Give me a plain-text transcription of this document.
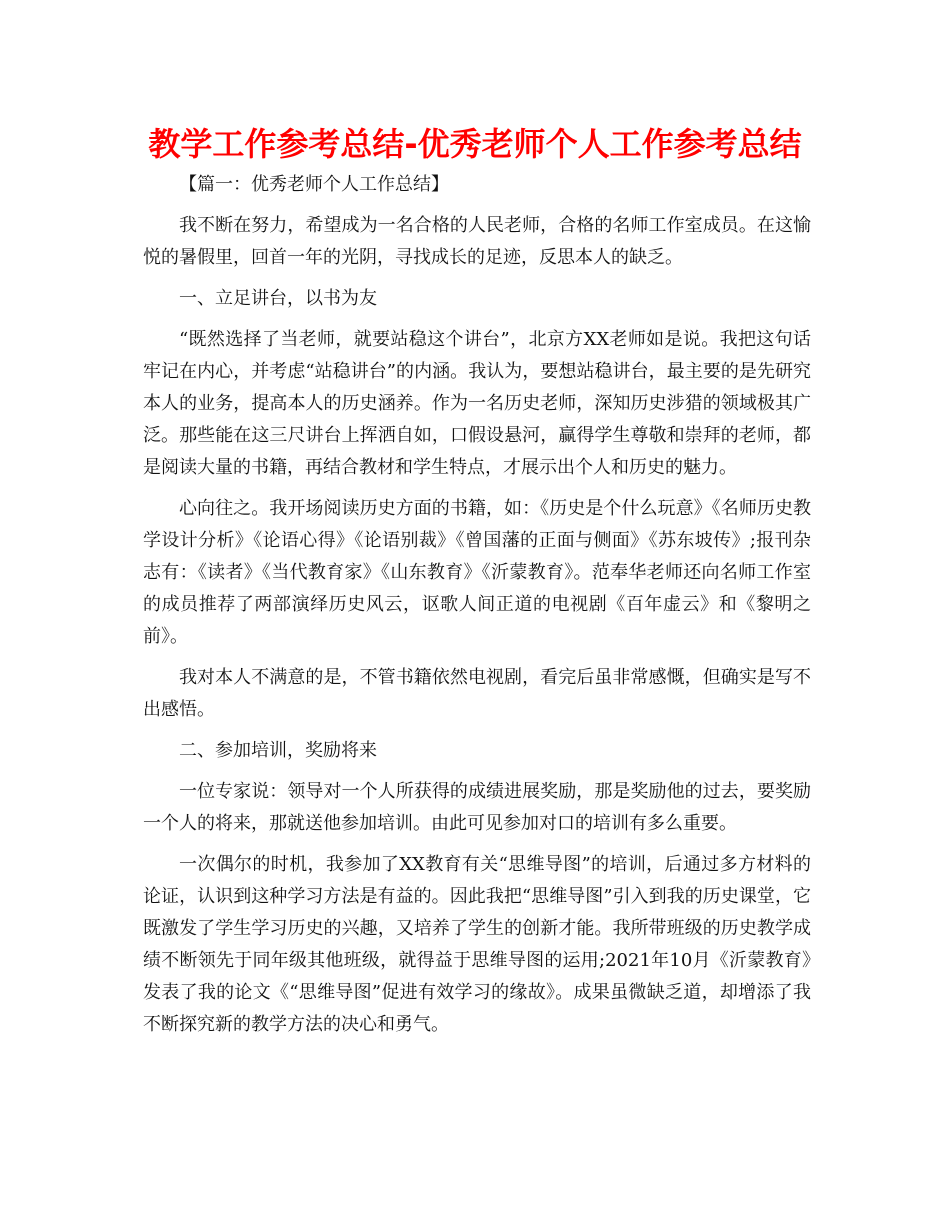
教学工作参考总结-优秀老师个人工作参考总结

【篇一：优秀老师个人工作总结】

我不断在努力，希望成为一名合格的人民老师，合格的名师工作室成员。在这愉悦的暑假里，回首一年的光阴，寻找成长的足迹，反思本人的缺乏。

一、立足讲台，以书为友

“既然选择了当老师，就要站稳这个讲台”，北京方XX老师如是说。我把这句话牢记在内心，并考虑“站稳讲台”的内涵。我认为，要想站稳讲台，最主要的是先研究本人的业务，提高本人的历史涵养。作为一名历史老师，深知历史涉猎的领域极其广泛。那些能在这三尺讲台上挥洒自如，口假设悬河，赢得学生尊敬和崇拜的老师，都是阅读大量的书籍，再结合教材和学生特点，才展示出个人和历史的魅力。

心向往之。我开场阅读历史方面的书籍，如：《历史是个什么玩意》《名师历史教学设计分析》《论语心得》《论语别裁》《曾国藩的正面与侧面》《苏东坡传》;报刊杂志有：《读者》《当代教育家》《山东教育》《沂蒙教育》。范奉华老师还向名师工作室的成员推荐了两部演绎历史风云，讴歌人间正道的电视剧《百年虚云》和《黎明之前》。

我对本人不满意的是，不管书籍依然电视剧，看完后虽非常感慨，但确实是写不出感悟。

二、参加培训，奖励将来

一位专家说：领导对一个人所获得的成绩进展奖励，那是奖励他的过去，要奖励一个人的将来，那就送他参加培训。由此可见参加对口的培训有多么重要。

一次偶尔的时机，我参加了XX教育有关“思维导图”的培训，后通过多方材料的论证，认识到这种学习方法是有益的。因此我把“思维导图”引入到我的历史课堂，它既激发了学生学习历史的兴趣，又培养了学生的创新才能。我所带班级的历史教学成绩不断领先于同年级其他班级，就得益于思维导图的运用;2021年10月《沂蒙教育》发表了我的论文《“思维导图”促进有效学习的缘故》。成果虽微缺乏道，却增添了我不断探究新的教学方法的决心和勇气。
